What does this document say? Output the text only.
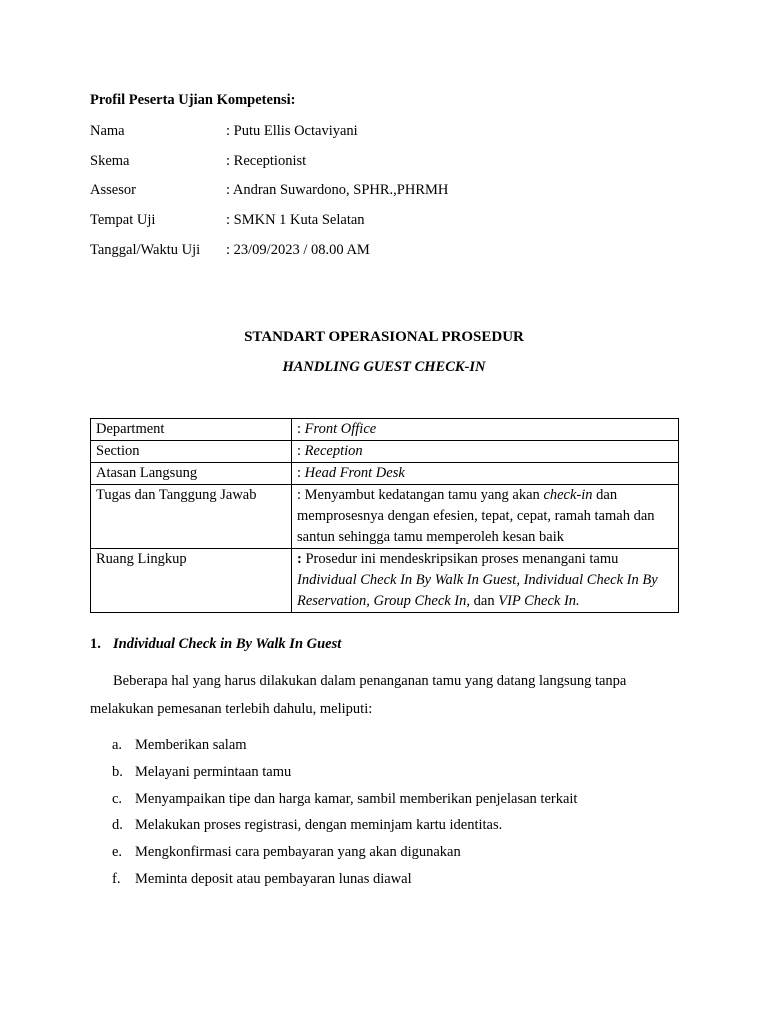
Profil Peserta Ujian Kompetensi:
Nama	: Putu Ellis Octaviyani
Skema	: Receptionist
Assesor	: Andran Suwardono, SPHR.,PHRMH
Tempat Uji	: SMKN 1 Kuta Selatan
Tanggal/Waktu Uji : 23/09/2023 / 08.00 AM
STANDART OPERASIONAL PROSEDUR
HANDLING GUEST CHECK-IN
Department	: Front Office
Section	: Reception
Atasan Langsung	: Head Front Desk
Tugas dan Tanggung Jawab	: Menyambut kedatangan tamu yang akan check-in dan memprosesnya dengan efesien, tepat, cepat, ramah tamah dan santun sehingga tamu memperoleh kesan baik
Ruang Lingkup	: Prosedur ini mendeskripsikan proses menangani tamu Individual Check In By Walk In Guest, Individual Check In By Reservation, Group Check In, dan VIP Check In.
1. Individual Check in By Walk In Guest
Beberapa hal yang harus dilakukan dalam penanganan tamu yang datang langsung tanpa
melakukan pemesanan terlebih dahulu, meliputi:
a. Memberikan salam
b. Melayani permintaan tamu
c. Menyampaikan tipe dan harga kamar, sambil memberikan penjelasan terkait
d. Melakukan proses registrasi, dengan meminjam kartu identitas.
e. Mengkonfirmasi cara pembayaran yang akan digunakan
f. Meminta deposit atau pembayaran lunas diawal
